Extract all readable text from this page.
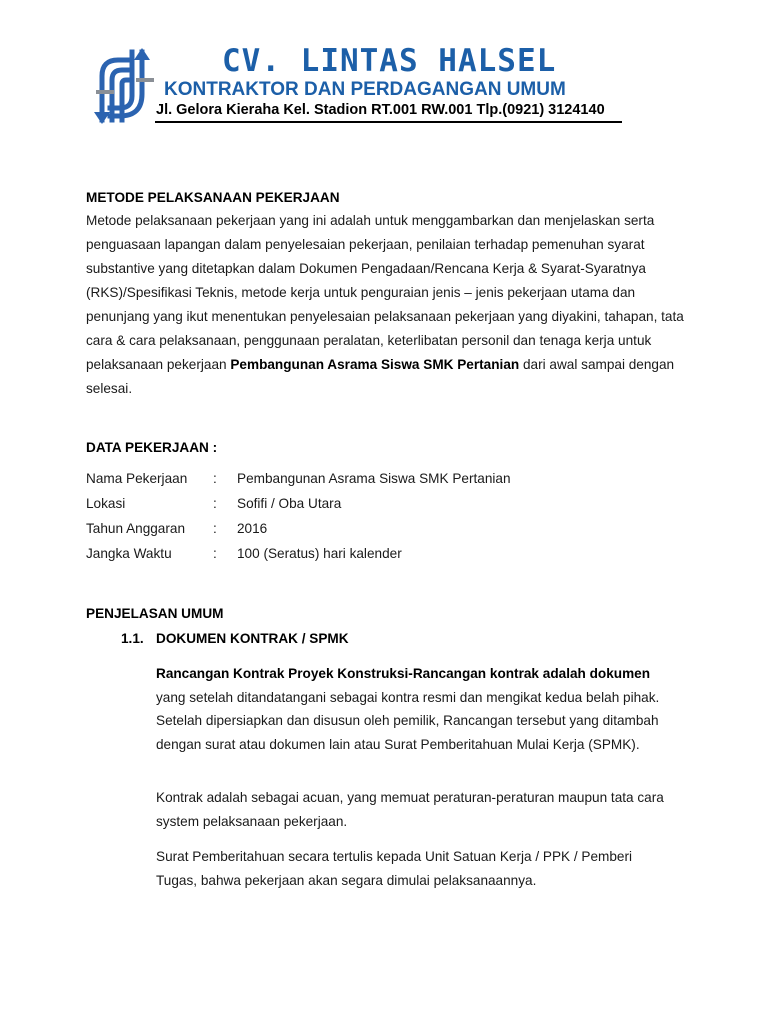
CV. LINTAS HALSEL
KONTRAKTOR DAN PERDAGANGAN UMUM
Jl. Gelora Kieraha Kel. Stadion RT.001 RW.001 Tlp.(0921) 3124140
METODE PELAKSANAAN PEKERJAAN
Metode pelaksanaan pekerjaan yang ini adalah untuk menggambarkan dan menjelaskan serta penguasaan lapangan dalam penyelesaian pekerjaan, penilaian terhadap pemenuhan syarat substantive yang ditetapkan dalam Dokumen Pengadaan/Rencana Kerja & Syarat-Syaratnya (RKS)/Spesifikasi Teknis, metode kerja untuk penguraian jenis – jenis pekerjaan utama dan penunjang yang ikut menentukan penyelesaian pelaksanaan pekerjaan yang diyakini, tahapan, tata cara & cara pelaksanaan, penggunaan peralatan, keterlibatan personil dan tenaga kerja untuk pelaksanaan pekerjaan Pembangunan Asrama Siswa SMK Pertanian dari awal sampai dengan selesai.
DATA PEKERJAAN :
Nama Pekerjaan	:	Pembangunan Asrama Siswa SMK Pertanian
Lokasi	:	Sofifi / Oba Utara
Tahun Anggaran	:	2016
Jangka Waktu	:	100 (Seratus) hari kalender
PENJELASAN UMUM
1.1. DOKUMEN KONTRAK / SPMK
Rancangan Kontrak Proyek Konstruksi-Rancangan kontrak adalah dokumen
yang setelah ditandatangani sebagai kontra resmi dan mengikat kedua belah pihak. Setelah dipersiapkan dan disusun oleh pemilik, Rancangan tersebut yang ditambah dengan surat atau dokumen lain atau Surat Pemberitahuan Mulai Kerja (SPMK).
Kontrak adalah sebagai acuan, yang memuat peraturan-peraturan maupun tata cara system pelaksanaan pekerjaan.
Surat Pemberitahuan secara tertulis kepada Unit Satuan Kerja / PPK / Pemberi Tugas, bahwa pekerjaan akan segara dimulai pelaksanaannya.
